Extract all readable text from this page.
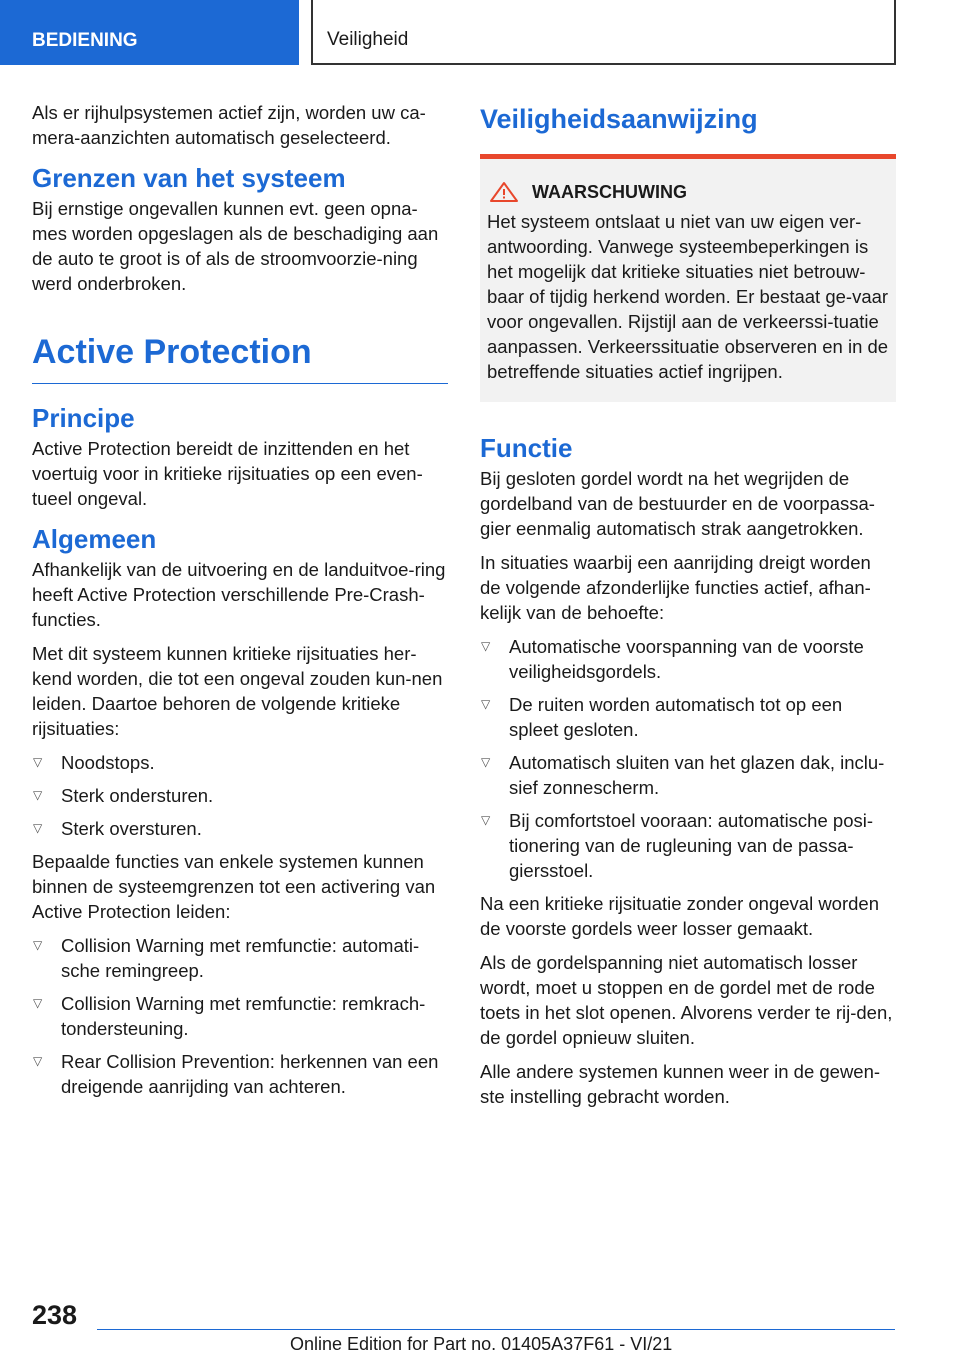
BEDIENING	Veiligheid

Als er rijhulpsystemen actief zijn, worden uw ca-mera-aanzichten automatisch geselecteerd.

Grenzen van het systeem

Bij ernstige ongevallen kunnen evt. geen opna-mes worden opgeslagen als de beschadiging aan de auto te groot is of als de stroomvoorzie-ning werd onderbroken.

Active Protection
Principe

Active Protection bereidt de inzittenden en het voertuig voor in kritieke rijsituaties op een even-tueel ongeval.

Algemeen

Afhankelijk van de uitvoering en de landuitvoe-ring heeft Active Protection verschillende Pre-Crash-functies.

Met dit systeem kunnen kritieke rijsituaties her-kend worden, die tot een ongeval zouden kun-nen leiden. Daartoe behoren de volgende kritieke rijsituaties:

▽ Noodstops.
▽ Sterk ondersturen.
▽ Sterk oversturen.

Bepaalde functies van enkele systemen kunnen binnen de systeemgrenzen tot een activering van Active Protection leiden:

▽ Collision Warning met remfunctie: automati-sche remingreep.
▽ Collision Warning met remfunctie: remkrach-tondersteuning.
▽ Rear Collision Prevention: herkennen van een dreigende aanrijding van achteren.
Veiligheidsaanwijzing
WAARSCHUWING

Het systeem ontslaat u niet van uw eigen ver-antwoording. Vanwege systeembeperkingen is het mogelijk dat kritieke situaties niet betrouw-baar of tijdig herkend worden. Er bestaat ge-vaar voor ongevallen. Rijstijl aan de verkeerssi-tuatie aanpassen. Verkeerssituatie observeren en in de betreffende situaties actief ingrijpen.

Functie

Bij gesloten gordel wordt na het wegrijden de gordelband van de bestuurder en de voorpassa-gier eenmalig automatisch strak aangetrokken.

In situaties waarbij een aanrijding dreigt worden de volgende afzonderlijke functies actief, afhan-kelijk van de behoefte:

▽ Automatische voorspanning van de voorste veiligheidsgordels.
▽ De ruiten worden automatisch tot op een spleet gesloten.
▽ Automatisch sluiten van het glazen dak, inclu-sief zonnescherm.
▽ Bij comfortstoel vooraan: automatische posi-tionering van de rugleuning van de passa-giersstoel.

Na een kritieke rijsituatie zonder ongeval worden de voorste gordels weer losser gemaakt.

Als de gordelspanning niet automatisch losser wordt, moet u stoppen en de gordel met de rode toets in het slot openen. Alvorens verder te rij-den, de gordel opnieuw sluiten.

Alle andere systemen kunnen weer in de gewen-ste instelling gebracht worden.

238
Online Edition for Part no. 01405A37F61 - VI/21
